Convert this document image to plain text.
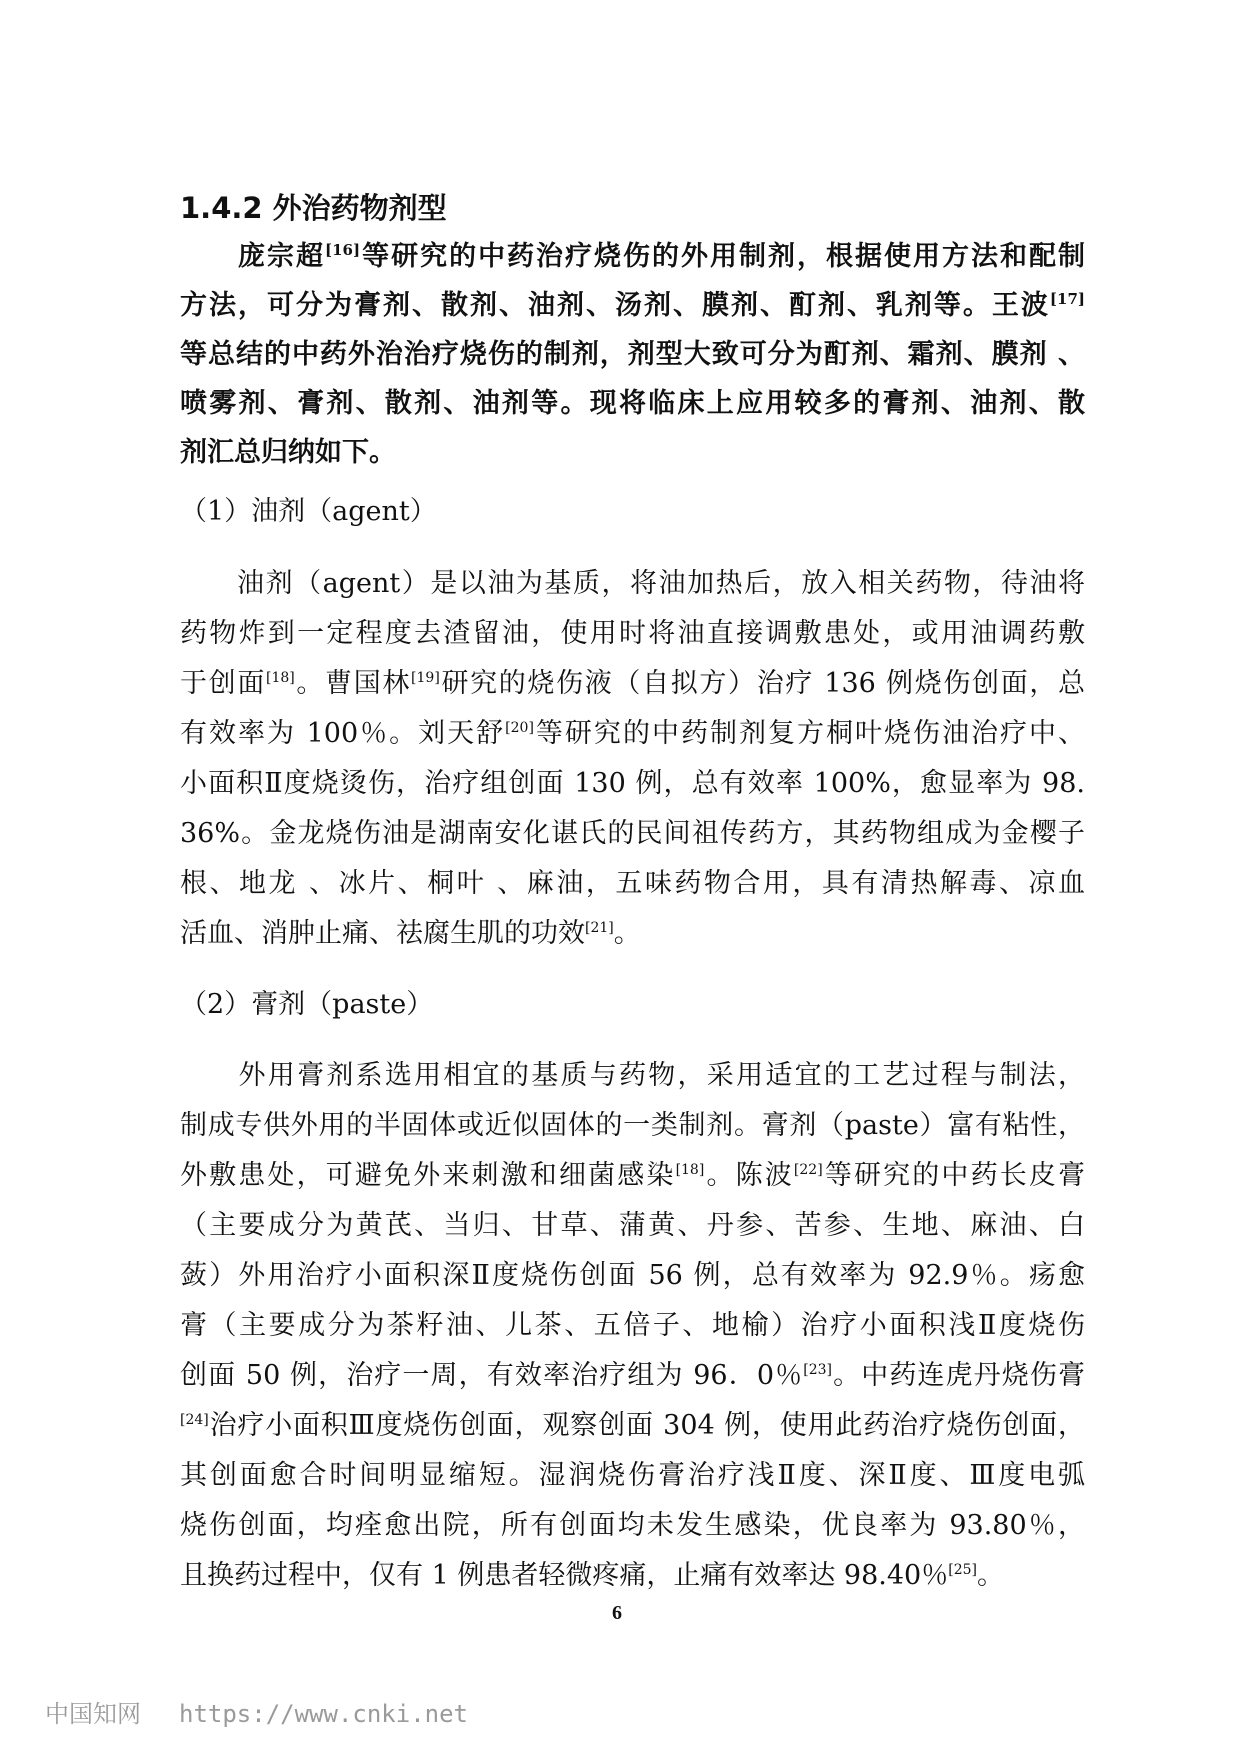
1.4.2 外治药物剂型
　　庞宗超[16]等研究的中药治疗烧伤的外用制剂，根据使用方法和配制
方法，可分为膏剂、散剂、油剂、汤剂、膜剂、酊剂、乳剂等。王波[17]
等总结的中药外治治疗烧伤的制剂，剂型大致可分为酊剂、霜剂、膜剂 、
喷雾剂、膏剂、散剂、油剂等。现将临床上应用较多的膏剂、油剂、散
剂汇总归纳如下。
（1）油剂（agent）
　　油剂（agent）是以油为基质，将油加热后，放入相关药物，待油将
药物炸到一定程度去渣留油，使用时将油直接调敷患处，或用油调药敷
于创面[18]。曹国林[19]研究的烧伤液（自拟方）治疗 136 例烧伤创面，总
有效率为 100％。刘天舒[20]等研究的中药制剂复方桐叶烧伤油治疗中、
小面积Ⅱ度烧烫伤，治疗组创面 130 例，总有效率 100%，愈显率为 98.
36%。金龙烧伤油是湖南安化谌氏的民间祖传药方，其药物组成为金樱子
根、地龙 、冰片、桐叶 、麻油，五味药物合用，具有清热解毒、凉血
活血、消肿止痛、祛腐生肌的功效[21]。
（2）膏剂（paste）
　　外用膏剂系选用相宜的基质与药物，采用适宜的工艺过程与制法，
制成专供外用的半固体或近似固体的一类制剂。膏剂（paste）富有粘性，
外敷患处，可避免外来刺激和细菌感染[18]。陈波[22]等研究的中药长皮膏
（主要成分为黄芪、当归、甘草、蒲黄、丹参、苦参、生地、麻油、白
蔹）外用治疗小面积深Ⅱ度烧伤创面 56 例，总有效率为 92.9％。疡愈
膏（主要成分为茶籽油、儿茶、五倍子、地榆）治疗小面积浅Ⅱ度烧伤
创面 50 例，治疗一周，有效率治疗组为 96．0％[23]。中药连虎丹烧伤膏
[24]治疗小面积Ⅲ度烧伤创面，观察创面 304 例，使用此药治疗烧伤创面，
其创面愈合时间明显缩短。湿润烧伤膏治疗浅Ⅱ度、深Ⅱ度、Ⅲ度电弧
烧伤创面，均痊愈出院，所有创面均未发生感染，优良率为 93.80％，
且换药过程中，仅有 1 例患者轻微疼痛，止痛有效率达 98.40％[25]。
6
中国知网 https://www.cnki.net
